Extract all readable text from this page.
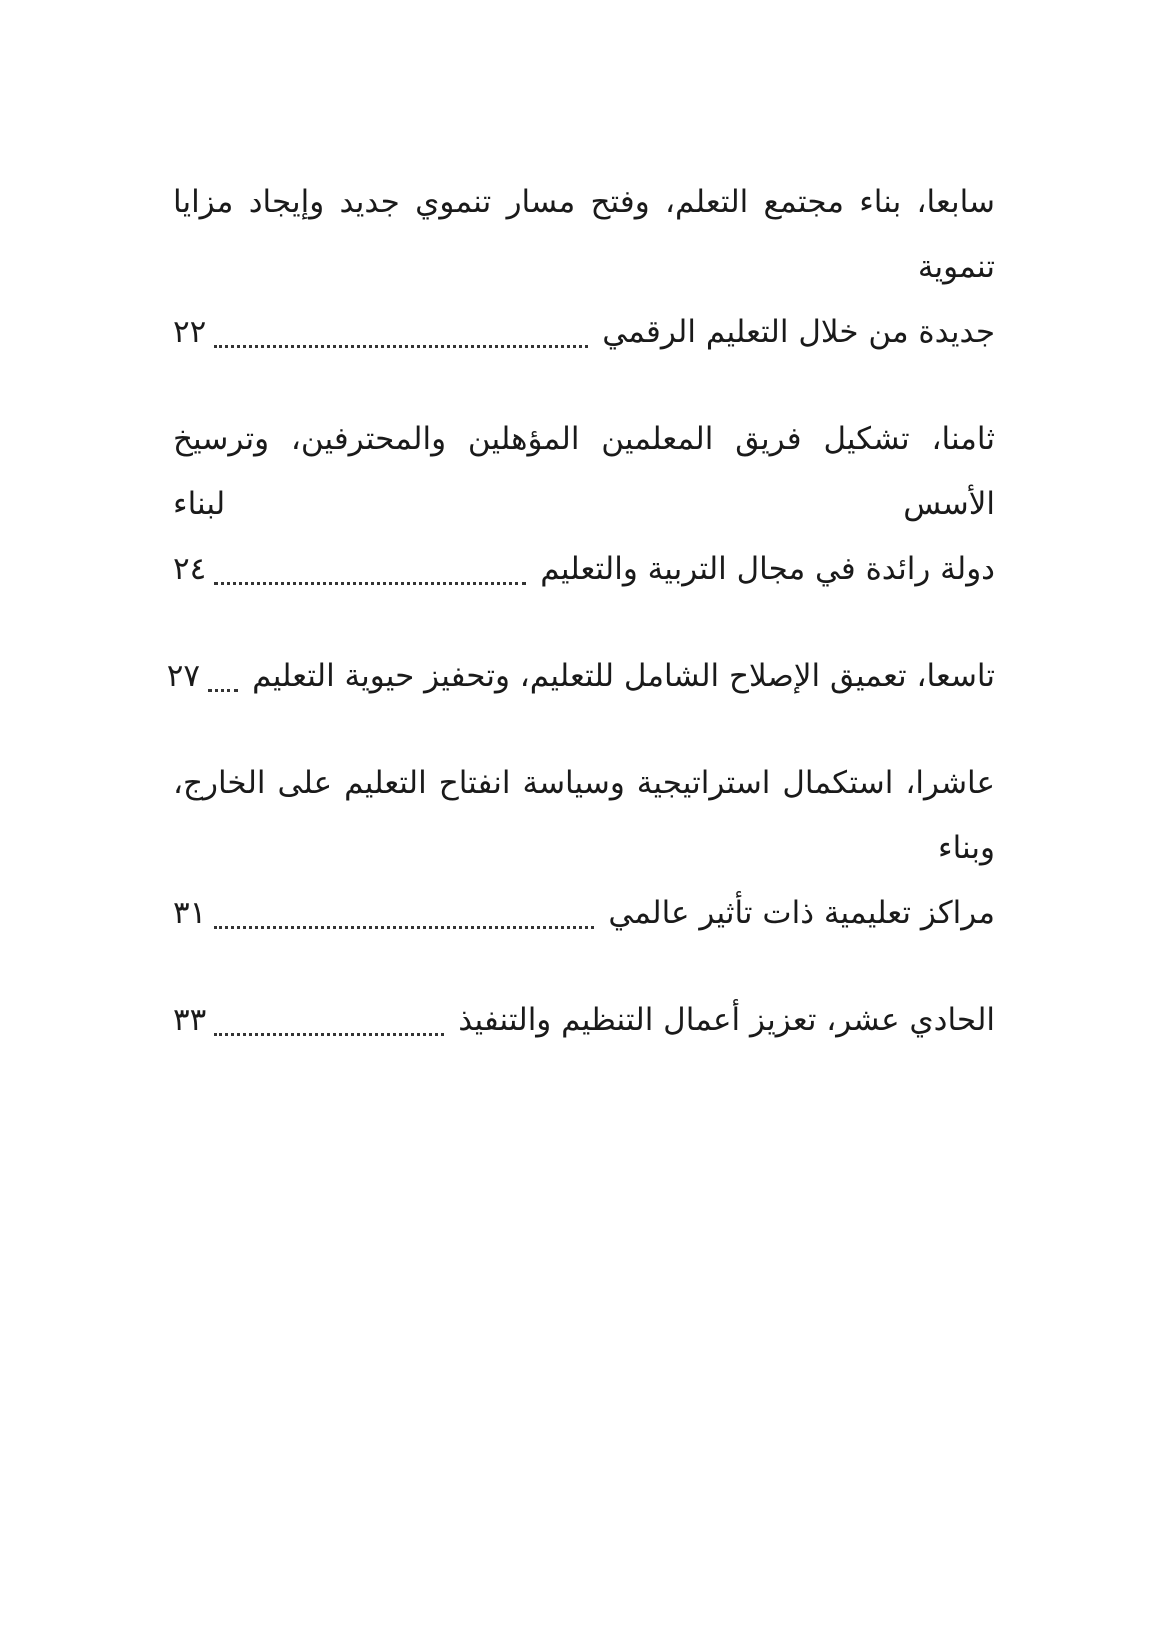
سابعا، بناء مجتمع التعلم، وفتح مسار تنموي جديد وإيجاد مزايا تنموية
جديدة من خلال التعليم الرقمي
٢٢
ثامنا، تشكيل فريق المعلمين المؤهلين والمحترفين، وترسيخ الأسس لبناء
دولة رائدة في مجال التربية والتعليم
٢٤
تاسعا، تعميق الإصلاح الشامل للتعليم، وتحفيز حيوية التعليم
٢٧
عاشرا، استكمال استراتيجية وسياسة انفتاح التعليم على الخارج، وبناء
مراكز تعليمية ذات تأثير عالمي
٣١
الحادي عشر، تعزيز أعمال التنظيم والتنفيذ
٣٣
